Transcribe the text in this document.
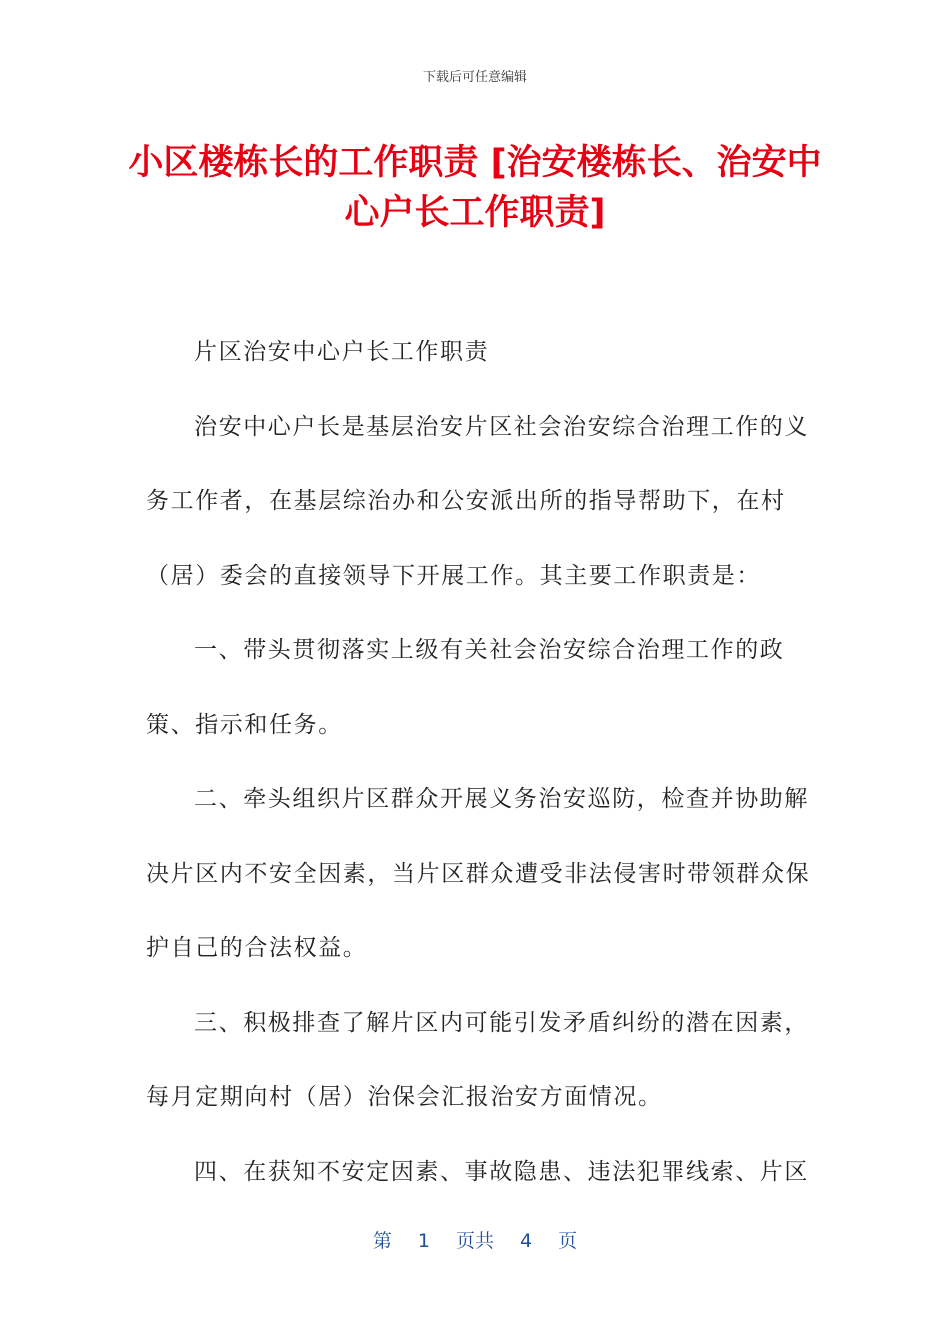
下载后可任意编辑
小区楼栋长的工作职责 [治安楼栋长、治安中心户长工作职责]

片区治安中心户长工作职责

治安中心户长是基层治安片区社会治安综合治理工作的义务工作者，在基层综治办和公安派出所的指导帮助下，在村（居）委会的直接领导下开展工作。其主要工作职责是：

一、带头贯彻落实上级有关社会治安综合治理工作的政策、指示和任务。

二、牵头组织片区群众开展义务治安巡防，检查并协助解决片区内不安全因素，当片区群众遭受非法侵害时带领群众保护自己的合法权益。

三、积极排查了解片区内可能引发矛盾纠纷的潜在因素，每月定期向村（居）治保会汇报治安方面情况。

四、在获知不安定因素、事故隐患、违法犯罪线索、片区

第 1 页共 4 页
